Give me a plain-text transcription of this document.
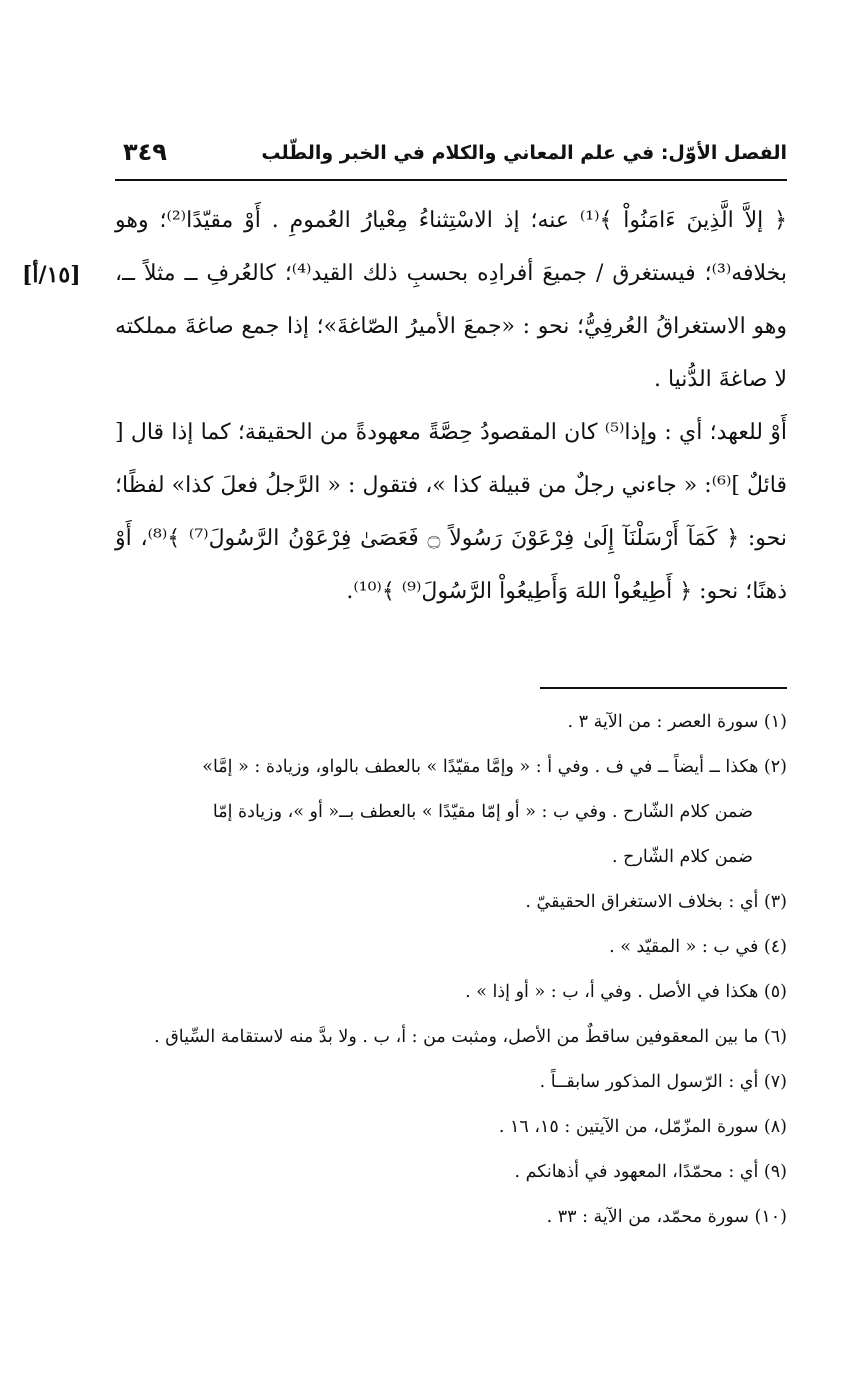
الفصل الأوّل: في علم المعاني والكلام في الخبر والطّلب
٣٤٩
[١٥/أ]

﴿ إلاَّ الَّذِينَ ءَامَنُواْ ﴾⁽¹⁾ عنه؛ إذ الاسْتِثناءُ مِعْيارُ العُمومِ . أَوْ مقيّدًا⁽²⁾؛ وهو بخلافه⁽³⁾؛ فيستغرق / جميعَ أفرادِه بحسبِ ذلك القيد⁽⁴⁾؛ كالعُرفِ ــ مثلاً ــ، وهو الاستغراقُ العُرفِيُّ؛ نحو : «جمعَ الأميرُ الصّاغةَ»؛ إذا جمع صاغةَ مملكته لا صاغةَ الدُّنيا .

أَوْ للعهد؛ أي : وإذا⁽⁵⁾ كان المقصودُ حِصَّةً معهودةً من الحقيقة؛ كما إذا قال [ قائلٌ ]⁽⁶⁾: « جاءني رجلٌ من قبيلة كذا »، فتقول : « الرَّجلُ فعلَ كذا» لفظًا؛ نحو: ﴿ كَمَآ أَرْسَلْنَآ إِلَىٰ فِرْعَوْنَ رَسُولاً ۝ فَعَصَىٰ فِرْعَوْنُ الرَّسُولَ⁽⁷⁾ ﴾⁽⁸⁾، أَوْ ذهنًا؛ نحو: ﴿ أَطِيعُواْ اللهَ وَأَطِيعُواْ الرَّسُولَ⁽⁹⁾ ﴾⁽¹⁰⁾.

(١) سورة العصر : من الآية ٣ .

(٢) هكذا ــ أيضاً ــ في ف . وفي أ : « وإمَّا مقيّدًا » بالعطف بالواو، وزيادة : « إمَّا»
ضمن كلام الشّارح . وفي ب : « أو إمّا مقيّدًا » بالعطف بــ« أو »، وزيادة إمّا
ضمن كلام الشّارح .

(٣) أي : بخلاف الاستغراق الحقيقيّ .

(٤) في ب : « المقيّد » .

(٥) هكذا في الأصل . وفي أ، ب : « أو إذا » .

(٦) ما بين المعقوفين ساقطٌ من الأصل، ومثبت من : أ، ب . ولا بدَّ منه لاستقامة السِّياق .

(٧) أي : الرّسول المذكور سابقــاً .

(٨) سورة المزّمّل، من الآيتين : ١٥، ١٦ .

(٩) أي : محمّدًا، المعهود في أذهانكم .

(١٠) سورة محمّد، من الآية : ٣٣ .
